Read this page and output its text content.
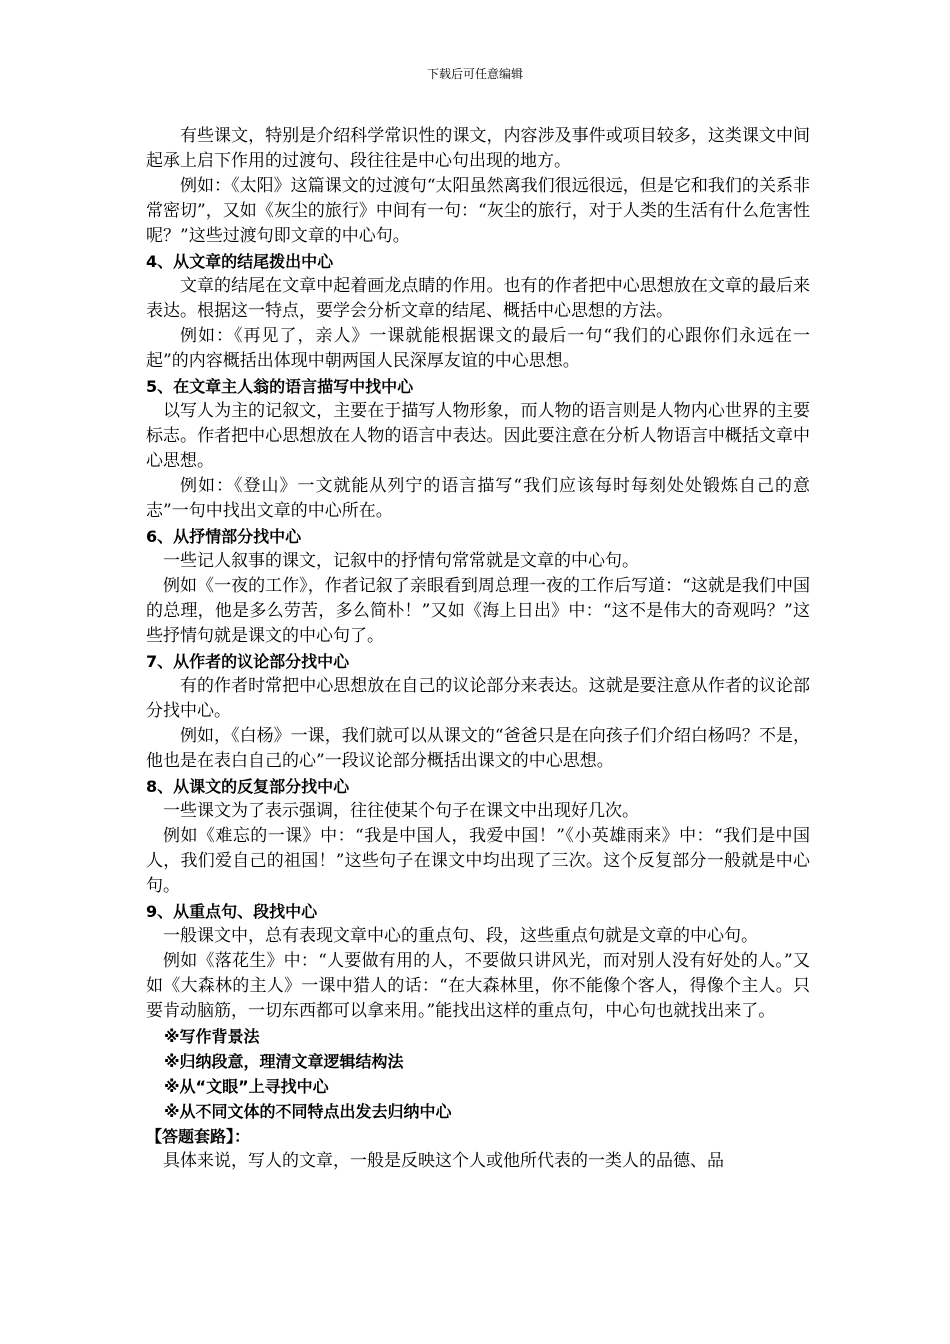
下载后可任意编辑
有些课文，特别是介绍科学常识性的课文，内容涉及事件或项目较多，这类课文中间起承上启下作用的过渡句、段往往是中心句出现的地方。
例如：《太阳》这篇课文的过渡句“太阳虽然离我们很远很远，但是它和我们的关系非常密切”，又如《灰尘的旅行》中间有一句：“灰尘的旅行，对于人类的生活有什么危害性呢？”这些过渡句即文章的中心句。
4、从文章的结尾拨出中心
文章的结尾在文章中起着画龙点睛的作用。也有的作者把中心思想放在文章的最后来表达。根据这一特点，要学会分析文章的结尾、概括中心思想的方法。
例如：《再见了，亲人》一课就能根据课文的最后一句“我们的心跟你们永远在一起”的内容概括出体现中朝两国人民深厚友谊的中心思想。
5、在文章主人翁的语言描写中找中心
以写人为主的记叙文，主要在于描写人物形象，而人物的语言则是人物内心世界的主要标志。作者把中心思想放在人物的语言中表达。因此要注意在分析人物语言中概括文章中心思想。
例如：《登山》一文就能从列宁的语言描写“我们应该每时每刻处处锻炼自己的意志”一句中找出文章的中心所在。
6、从抒情部分找中心
一些记人叙事的课文，记叙中的抒情句常常就是文章的中心句。
例如《一夜的工作》，作者记叙了亲眼看到周总理一夜的工作后写道：“这就是我们中国的总理，他是多么劳苦，多么简朴！”又如《海上日出》中：“这不是伟大的奇观吗？”这些抒情句就是课文的中心句了。
7、从作者的议论部分找中心
有的作者时常把中心思想放在自己的议论部分来表达。这就是要注意从作者的议论部分找中心。
例如，《白杨》一课，我们就可以从课文的“爸爸只是在向孩子们介绍白杨吗？不是，他也是在表白自己的心”一段议论部分概括出课文的中心思想。
8、从课文的反复部分找中心
一些课文为了表示强调，往往使某个句子在课文中出现好几次。
例如《难忘的一课》中：“我是中国人，我爱中国！”《小英雄雨来》中：“我们是中国人，我们爱自己的祖国！”这些句子在课文中均出现了三次。这个反复部分一般就是中心句。
9、从重点句、段找中心
一般课文中，总有表现文章中心的重点句、段，这些重点句就是文章的中心句。
例如《落花生》中：“人要做有用的人，不要做只讲风光，而对别人没有好处的人。”又如《大森林的主人》一课中猎人的话：“在大森林里，你不能像个客人，得像个主人。只要肯动脑筋，一切东西都可以拿来用。”能找出这样的重点句，中心句也就找出来了。
※写作背景法
※归纳段意，理清文章逻辑结构法
※从“文眼”上寻找中心
※从不同文体的不同特点出发去归纳中心
【答题套路】：
具体来说，写人的文章，一般是反映这个人或他所代表的一类人的品德、品
